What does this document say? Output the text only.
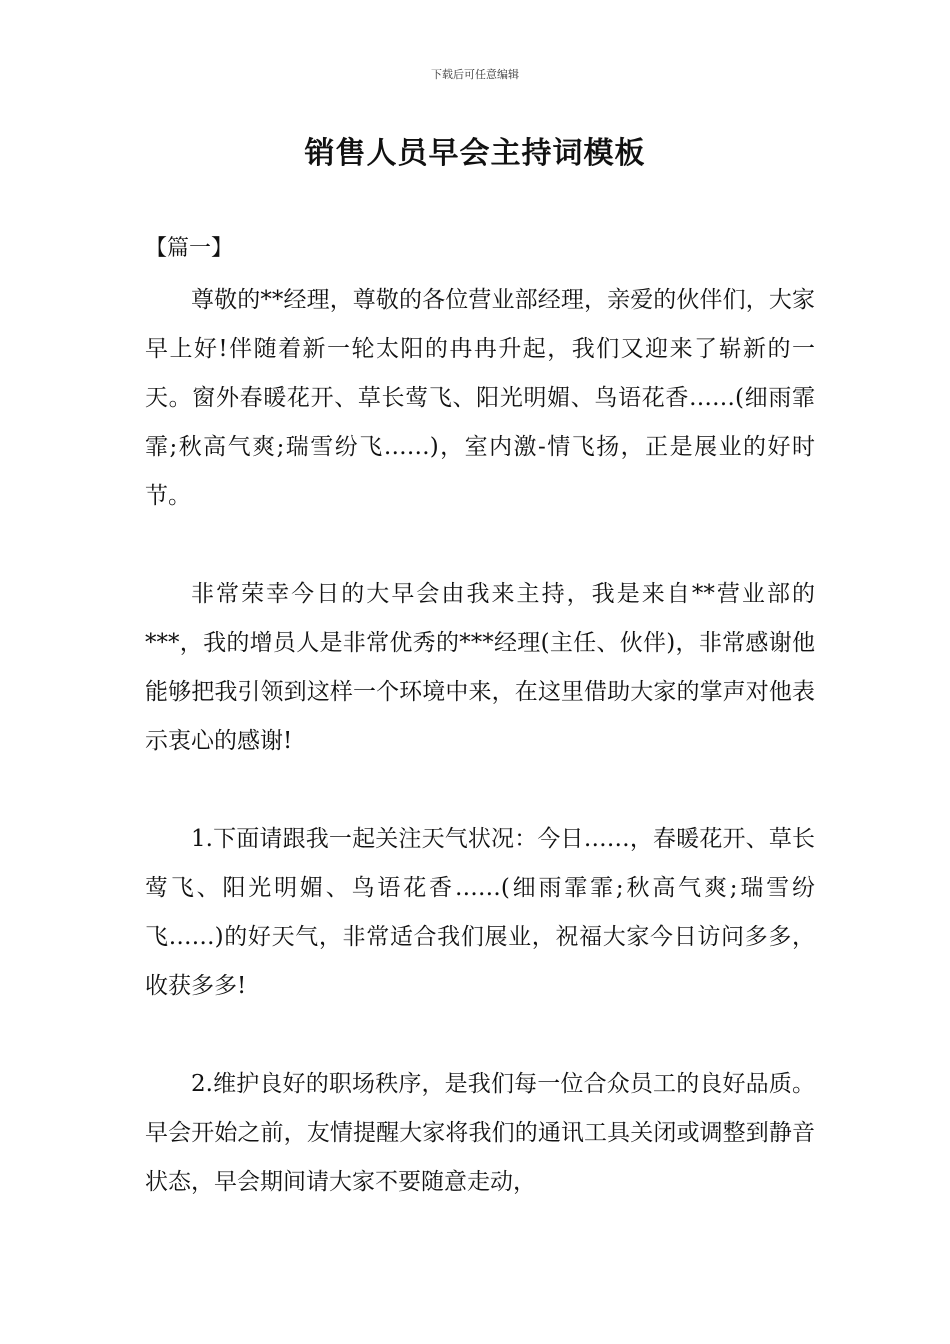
下载后可任意编辑
销售人员早会主持词模板
【篇一】

尊敬的**经理，尊敬的各位营业部经理，亲爱的伙伴们，大家早上好!伴随着新一轮太阳的冉冉升起，我们又迎来了崭新的一天。窗外春暖花开、草长莺飞、阳光明媚、鸟语花香……(细雨霏霏;秋高气爽;瑞雪纷飞……)，室内激-情飞扬，正是展业的好时节。

非常荣幸今日的大早会由我来主持，我是来自**营业部的***，我的增员人是非常优秀的***经理(主任、伙伴)，非常感谢他能够把我引领到这样一个环境中来，在这里借助大家的掌声对他表示衷心的感谢!

1.下面请跟我一起关注天气状况：今日……，春暖花开、草长莺飞、阳光明媚、鸟语花香……(细雨霏霏;秋高气爽;瑞雪纷飞……)的好天气，非常适合我们展业，祝福大家今日访问多多，收获多多!

2.维护良好的职场秩序，是我们每一位合众员工的良好品质。早会开始之前，友情提醒大家将我们的通讯工具关闭或调整到静音状态，早会期间请大家不要随意走动，
